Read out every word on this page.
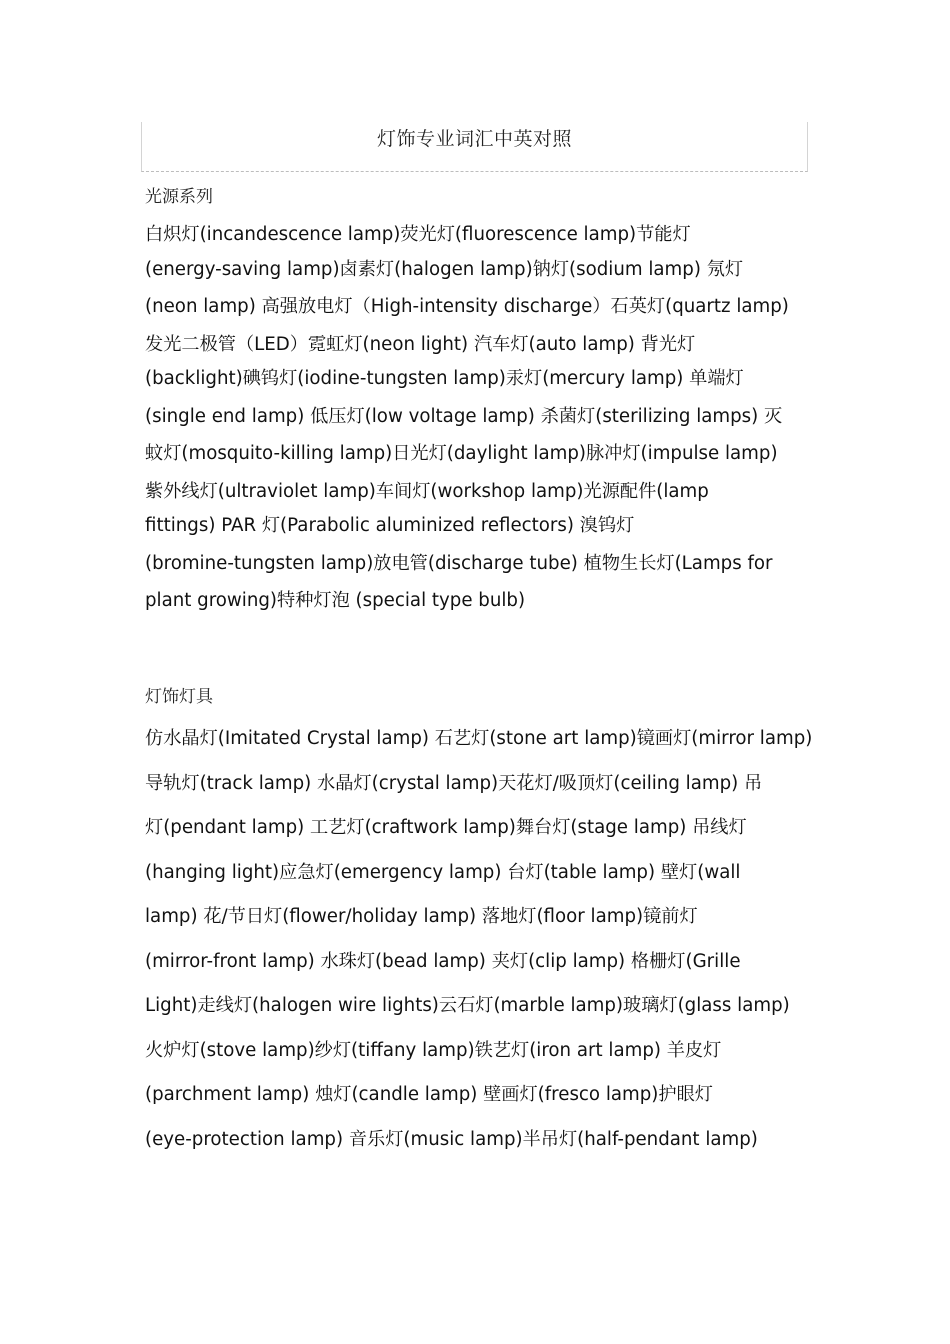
灯饰专业词汇中英对照
光源系列
白炽灯(incandescence lamp)荧光灯(fluorescence lamp)节能灯
(energy-saving lamp)卤素灯(halogen lamp)钠灯(sodium lamp) 氖灯
(neon lamp) 高强放电灯（High-intensity discharge）石英灯(quartz lamp)
发光二极管（LED）霓虹灯(neon light) 汽车灯(auto lamp) 背光灯
(backlight)碘钨灯(iodine-tungsten lamp)汞灯(mercury lamp) 单端灯
(single end lamp) 低压灯(low voltage lamp) 杀菌灯(sterilizing lamps) 灭
蚊灯(mosquito-killing lamp)日光灯(daylight lamp)脉冲灯(impulse lamp)
紫外线灯(ultraviolet lamp)车间灯(workshop lamp)光源配件(lamp
fittings) PAR 灯(Parabolic aluminized reflectors) 溴钨灯
(bromine-tungsten lamp)放电管(discharge tube) 植物生长灯(Lamps for
plant growing)特种灯泡 (special type bulb)
灯饰灯具
仿水晶灯(Imitated Crystal lamp) 石艺灯(stone art lamp)镜画灯(mirror lamp)
导轨灯(track lamp) 水晶灯(crystal lamp)天花灯/吸顶灯(ceiling lamp) 吊
灯(pendant lamp) 工艺灯(craftwork lamp)舞台灯(stage lamp) 吊线灯
(hanging light)应急灯(emergency lamp) 台灯(table lamp) 壁灯(wall
lamp) 花/节日灯(flower/holiday lamp) 落地灯(floor lamp)镜前灯
(mirror-front lamp) 水珠灯(bead lamp) 夹灯(clip lamp) 格栅灯(Grille
Light)走线灯(halogen wire lights)云石灯(marble lamp)玻璃灯(glass lamp)
火炉灯(stove lamp)纱灯(tiffany lamp)铁艺灯(iron art lamp) 羊皮灯
(parchment lamp) 烛灯(candle lamp) 壁画灯(fresco lamp)护眼灯
(eye-protection lamp) 音乐灯(music lamp)半吊灯(half-pendant lamp)
